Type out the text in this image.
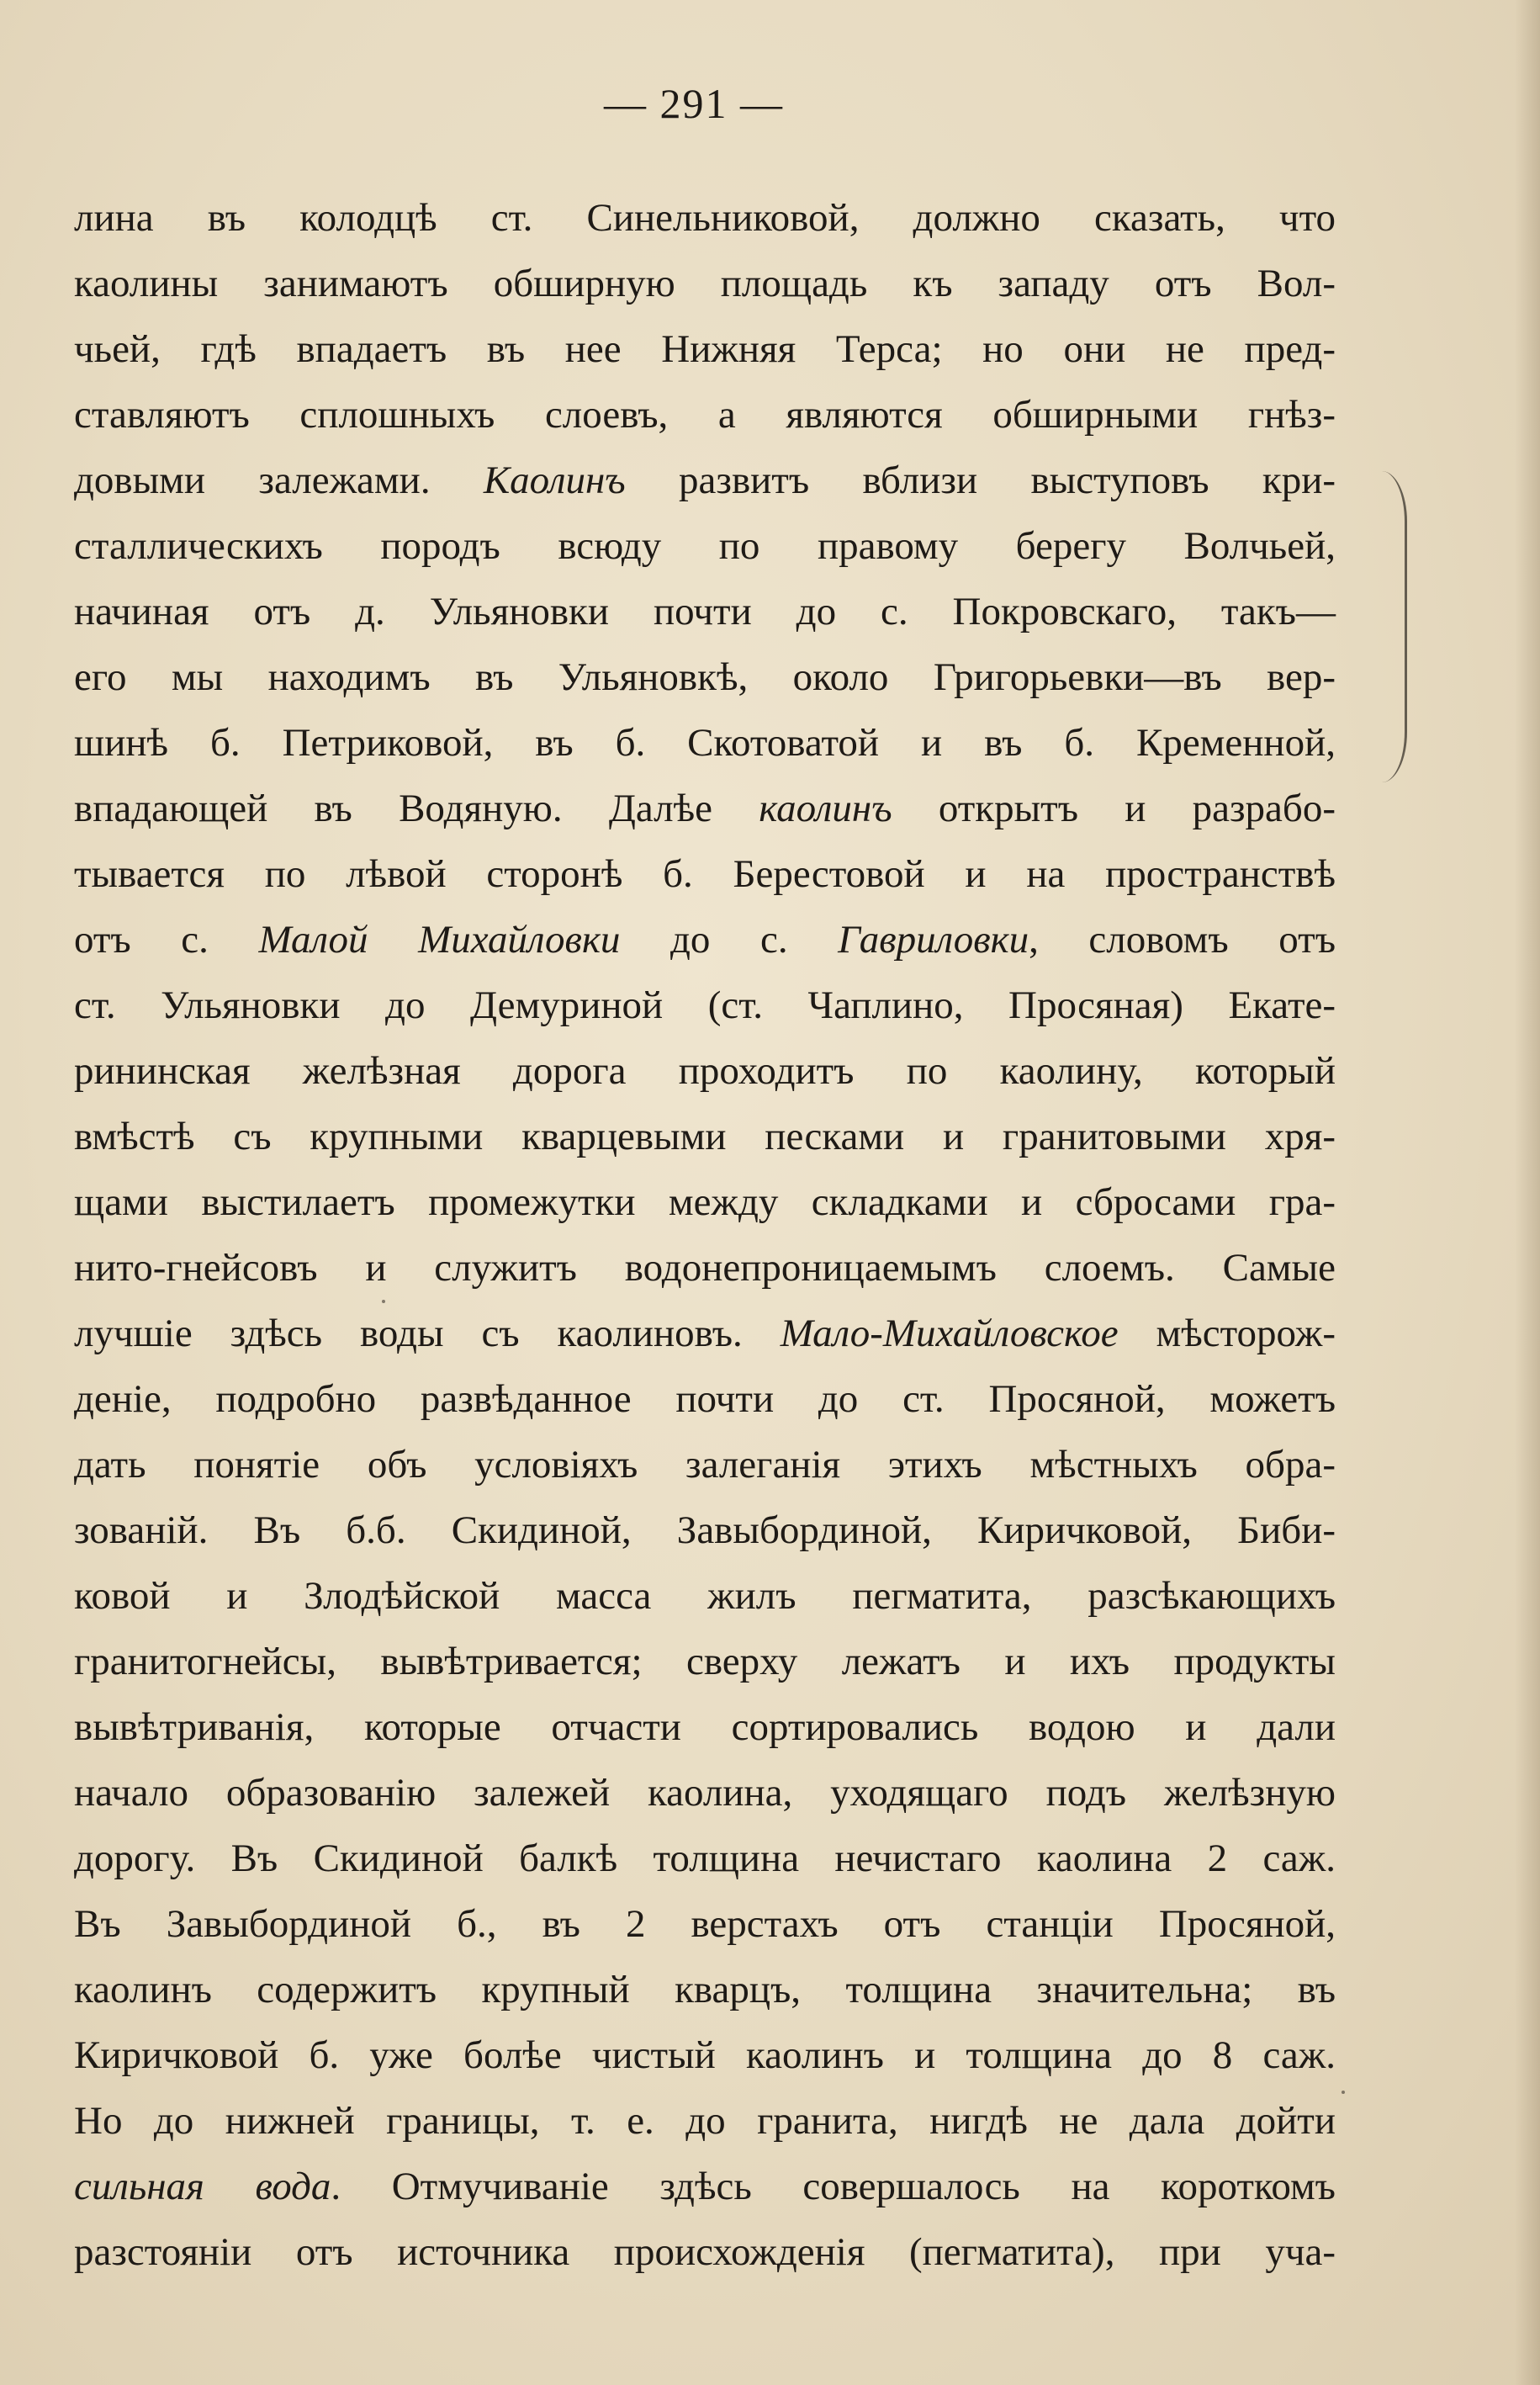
— 291 —
лина въ колодцѣ ст. Синельниковой, должно сказать, что
каолины занимаютъ обширную площадь къ западу отъ Вол-
чьей, гдѣ впадаетъ въ нее Нижняя Терса; но они не пред-
ставляютъ сплошныхъ слоевъ, а являются обширными гнѣз-
довыми залежами. Каолинъ развитъ вблизи выступовъ кри-
сталлическихъ породъ всюду по правому берегу Волчьей,
начиная отъ д. Ульяновки почти до с. Покровскаго, такъ—
его мы находимъ въ Ульяновкѣ, около Григорьевки—въ вер-
шинѣ б. Петриковой, въ б. Скотоватой и въ б. Кременной,
впадающей въ Водяную. Далѣе каолинъ открытъ и разрабо-
тывается по лѣвой сторонѣ б. Берестовой и на пространствѣ
отъ с. Малой Михайловки до с. Гавриловки, словомъ отъ
ст. Ульяновки до Демуриной (ст. Чаплино, Просяная) Екате-
рининская желѣзная дорога проходитъ по каолину, который
вмѣстѣ съ крупными кварцевыми песками и гранитовыми хря-
щами выстилаетъ промежутки между складками и сбросами гра-
нито-гнейсовъ и служитъ водонепроницаемымъ слоемъ. Самые
лучшіе здѣсь воды съ каолиновъ. Мало-Михайловское мѣсторож-
деніе, подробно развѣданное почти до ст. Просяной, можетъ
дать понятіе объ условіяхъ залеганія этихъ мѣстныхъ обра-
зованій. Въ б.б. Скидиной, Завыбординой, Киричковой, Биби-
ковой и Злодѣйской масса жилъ пегматита, разсѣкающихъ
гранитогнейсы, вывѣтривается; сверху лежатъ и ихъ продукты
вывѣтриванія, которые отчасти сортировались водою и дали
начало образованію залежей каолина, уходящаго подъ желѣзную
дорогу. Въ Скидиной балкѣ толщина нечистаго каолина 2 саж.
Въ Завыбординой б., въ 2 верстахъ отъ станціи Просяной,
каолинъ содержитъ крупный кварцъ, толщина значительна; въ
Киричковой б. уже болѣе чистый каолинъ и толщина до 8 саж.
Но до нижней границы, т. е. до гранита, нигдѣ не дала дойти
сильная вода. Отмучиваніе здѣсь совершалось на короткомъ
разстояніи отъ источника происхожденія (пегматита), при уча-
